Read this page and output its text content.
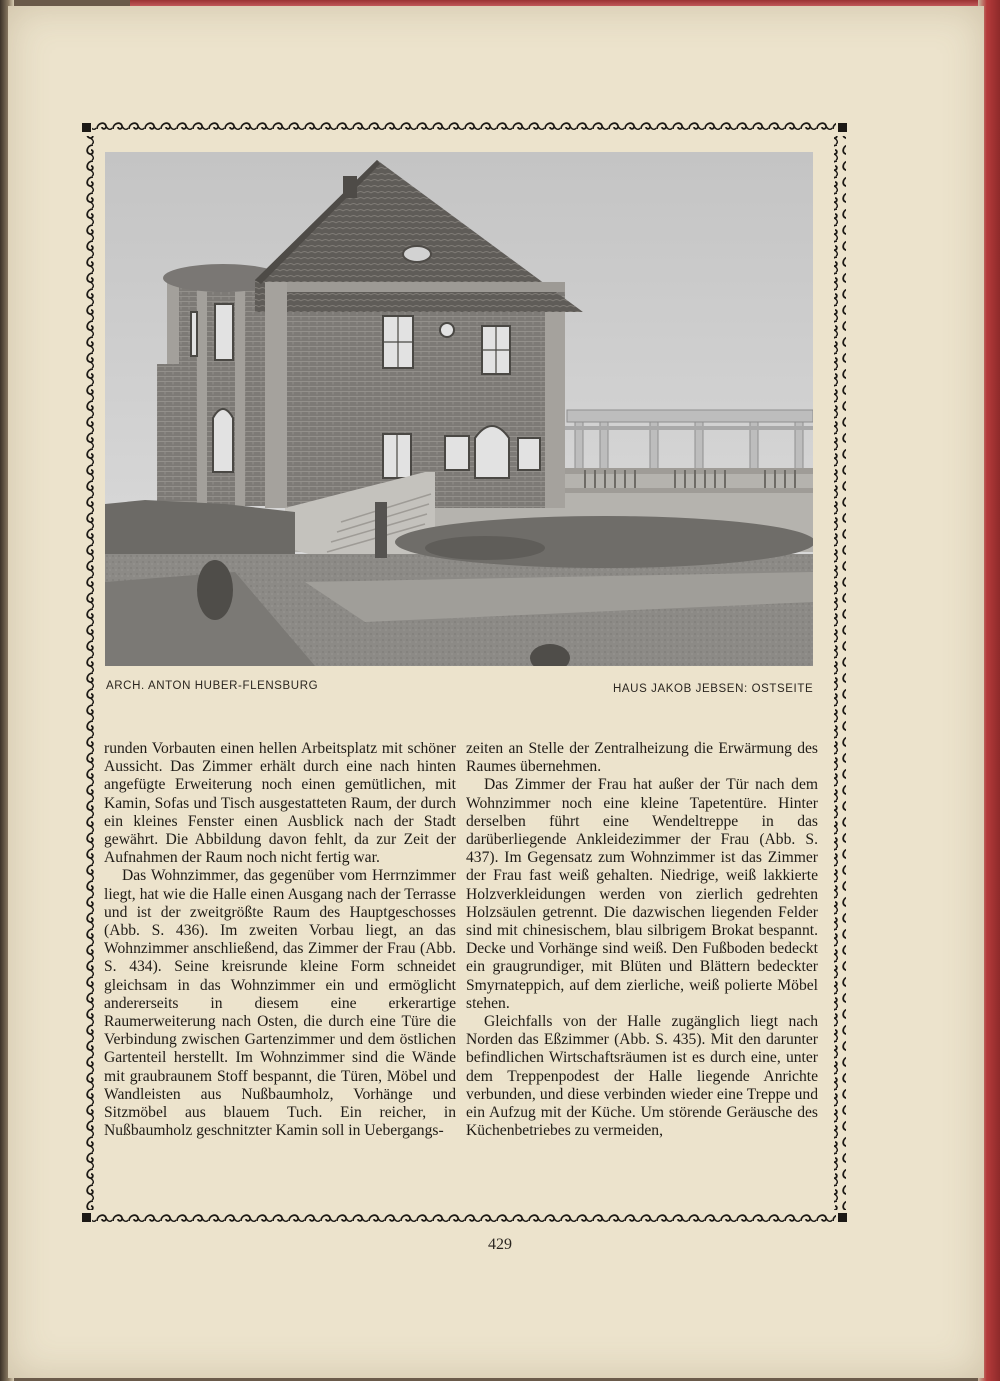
ARCH. ANTON HUBER-FLENSBURG	HAUS JAKOB JEBSEN: OSTSEITE

runden Vorbauten einen hellen Arbeitsplatz mit schöner Aussicht. Das Zimmer erhält durch eine nach hinten angefügte Erweiterung noch einen gemütlichen, mit Kamin, Sofas und Tisch ausgestatteten Raum, der durch ein kleines Fenster einen Ausblick nach der Stadt gewährt. Die Abbildung davon fehlt, da zur Zeit der Aufnahmen der Raum noch nicht fertig war.

Das Wohnzimmer, das gegenüber vom Herrnzimmer liegt, hat wie die Halle einen Ausgang nach der Terrasse und ist der zweitgrößte Raum des Hauptgeschosses (Abb. S. 436). Im zweiten Vorbau liegt, an das Wohnzimmer anschließend, das Zimmer der Frau (Abb. S. 434). Seine kreisrunde kleine Form schneidet gleichsam in das Wohnzimmer ein und ermöglicht andererseits in diesem eine erkerartige Raumerweiterung nach Osten, die durch eine Türe die Verbindung zwischen Gartenzimmer und dem östlichen Gartenteil herstellt. Im Wohnzimmer sind die Wände mit graubraunem Stoff bespannt, die Türen, Möbel und Wandleisten aus Nußbaumholz, Vorhänge und Sitzmöbel aus blauem Tuch. Ein reicher, in Nußbaumholz geschnitzter Kamin soll in Uebergangs-

zeiten an Stelle der Zentralheizung die Erwärmung des Raumes übernehmen.

Das Zimmer der Frau hat außer der Tür nach dem Wohnzimmer noch eine kleine Tapetentüre. Hinter derselben führt eine Wendeltreppe in das darüberliegende Ankleidezimmer der Frau (Abb. S. 437). Im Gegensatz zum Wohnzimmer ist das Zimmer der Frau fast weiß gehalten. Niedrige, weiß lakkierte Holzverkleidungen werden von zierlich gedrehten Holzsäulen getrennt. Die dazwischen liegenden Felder sind mit chinesischem, blau silbrigem Brokat bespannt. Decke und Vorhänge sind weiß. Den Fußboden bedeckt ein graugrundiger, mit Blüten und Blättern bedeckter Smyrnateppich, auf dem zierliche, weiß polierte Möbel stehen.

Gleichfalls von der Halle zugänglich liegt nach Norden das Eßzimmer (Abb. S. 435). Mit den darunter befindlichen Wirtschaftsräumen ist es durch eine, unter dem Treppenpodest der Halle liegende Anrichte verbunden, und diese verbinden wieder eine Treppe und ein Aufzug mit der Küche. Um störende Geräusche des Küchenbetriebes zu vermeiden,

429
